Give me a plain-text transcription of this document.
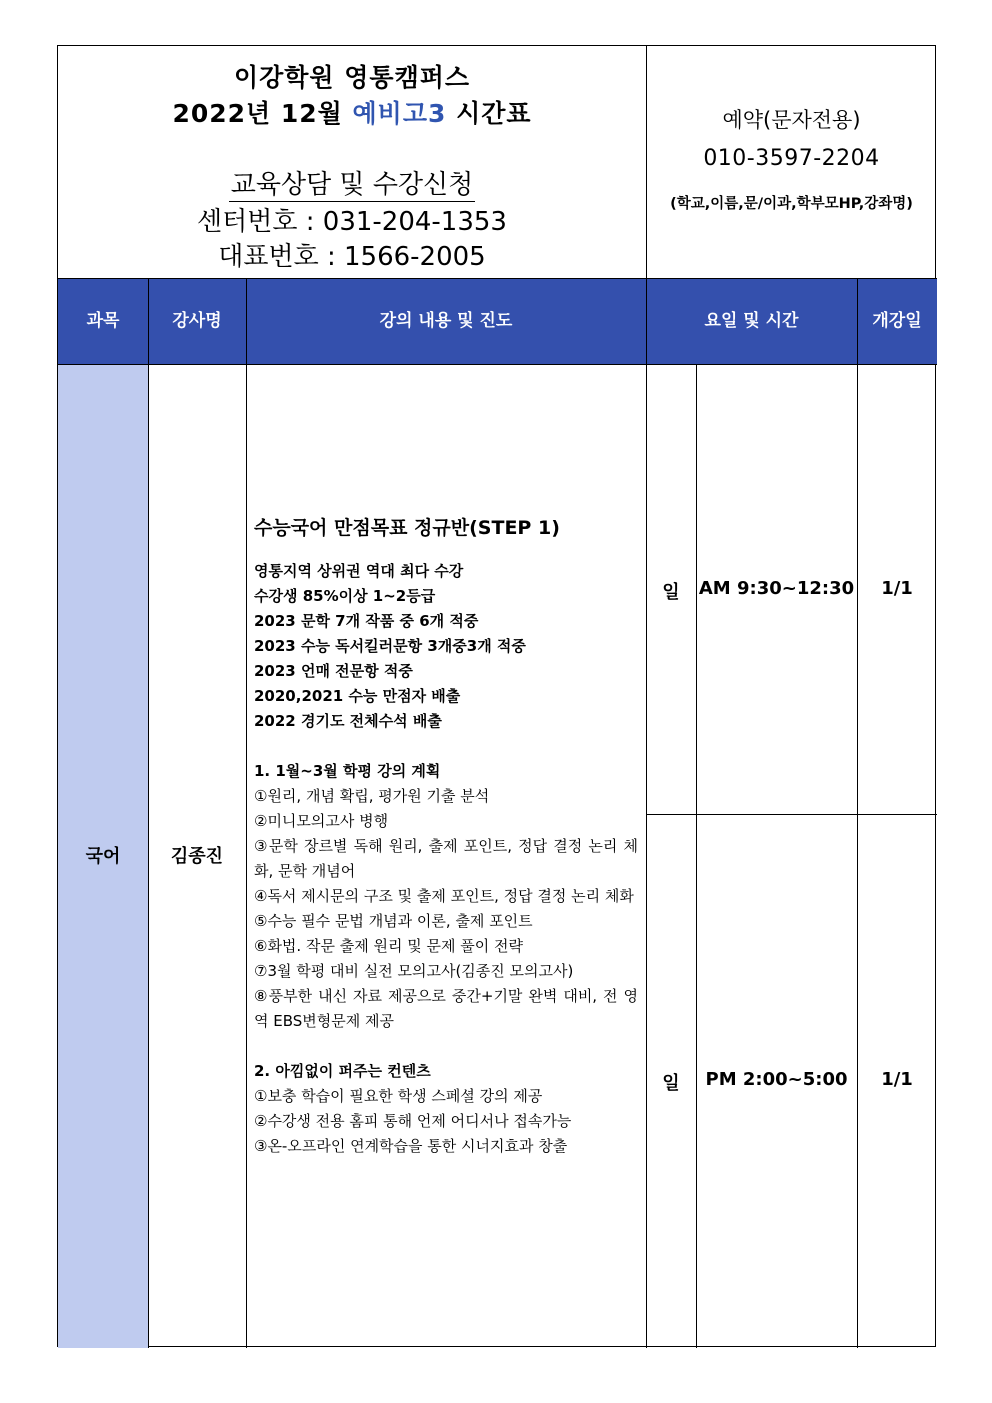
이강학원 영통캠퍼스
2022년 12월 예비고3 시간표
교육상담 및 수강신청
센터번호 : 031-204-1353
대표번호 : 1566-2005
예약(문자전용)
010-3597-2204
(학교,이름,문/이과,학부모HP,강좌명)
과목	강사명	강의 내용 및 진도	요일 및 시간	개강일
국어	김종진
수능국어 만점목표 정규반(STEP 1)
영통지역 상위권 역대 최다 수강
수강생 85%이상 1~2등급
2023 문학 7개 작품 중 6개 적중
2023 수능 독서킬러문항 3개중3개 적중
2023 언매 전문항 적중
2020,2021 수능 만점자 배출
2022 경기도 전체수석 배출
1. 1월~3월 학평 강의 계획
①원리, 개념 확립, 평가원 기출 분석
②미니모의고사 병행
③문학 장르별 독해 원리, 출제 포인트, 정답 결정 논리 체화, 문학 개념어
④독서 제시문의 구조 및 출제 포인트, 정답 결정 논리 체화
⑤수능 필수 문법 개념과 이론, 출제 포인트
⑥화법. 작문 출제 원리 및 문제 풀이 전략
⑦3월 학평 대비 실전 모의고사(김종진 모의고사)
⑧풍부한 내신 자료 제공으로 중간+기말 완벽 대비, 전 영역 EBS변형문제 제공
2. 아낌없이 퍼주는 컨텐츠
①보충 학습이 필요한 학생 스페셜 강의 제공
②수강생 전용 홈피 통해 언제 어디서나 접속가능
③온-오프라인 연계학습을 통한 시너지효과 창출
일	AM 9:30~12:30	1/1
일	PM 2:00~5:00	1/1
